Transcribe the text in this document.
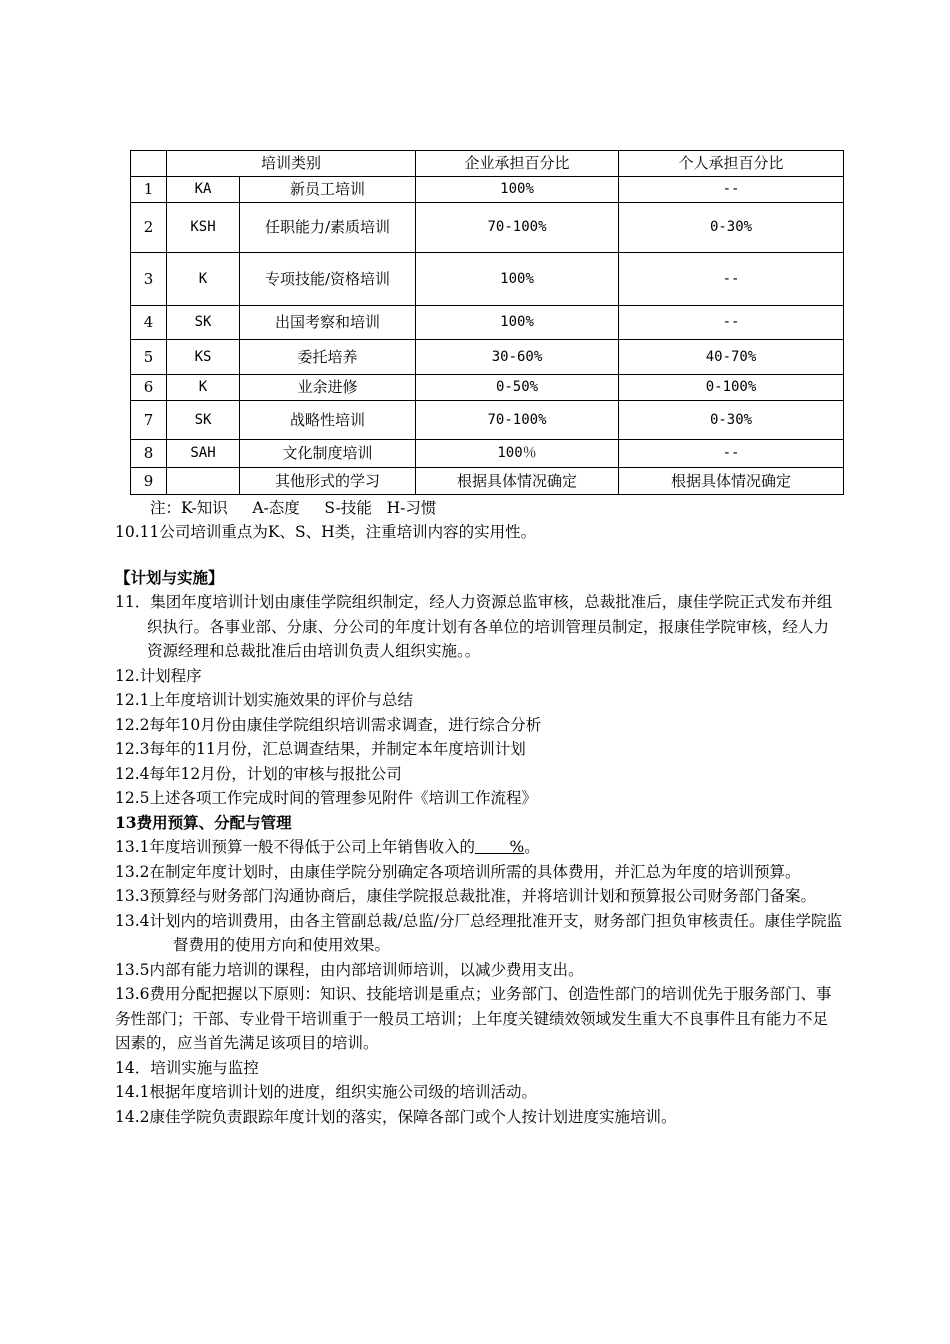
	培训类别		企业承担百分比	个人承担百分比
1	KA	新员工培训	100%	--
2	KSH	任职能力/素质培训	70-100%	0-30%
3	K	专项技能/资格培训	100%	--
4	SK	出国考察和培训	100%	--
5	KS	委托培养	30-60%	40-70%
6	K	业余进修	0-50%	0-100%
7	SK	战略性培训	70-100%	0-30%
8	SAH	文化制度培训	100％	--
9		其他形式的学习	根据具体情况确定	根据具体情况确定
注：K-知识     A-态度     S-技能   H-习惯

10.11公司培训重点为K、S、H类，注重培训内容的实用性。

【计划与实施】

11．集团年度培训计划由康佳学院组织制定，经人力资源总监审核，总裁批准后，康佳学院正式发布并组织执行。各事业部、分康、分公司的年度计划有各单位的培训管理员制定，报康佳学院审核，经人力资源经理和总裁批准后由培训负责人组织实施。。

12.计划程序

12.1上年度培训计划实施效果的评价与总结

12.2每年10月份由康佳学院组织培训需求调查，进行综合分析

12.3每年的11月份，汇总调查结果，并制定本年度培训计划

12.4每年12月份，计划的审核与报批公司

12.5上述各项工作完成时间的管理参见附件《培训工作流程》

13费用预算、分配与管理

13.1年度培训预算一般不得低于公司上年销售收入的       %。

13.2在制定年度计划时，由康佳学院分别确定各项培训所需的具体费用，并汇总为年度的培训预算。

13.3预算经与财务部门沟通协商后，康佳学院报总裁批准，并将培训计划和预算报公司财务部门备案。

13.4计划内的培训费用，由各主管副总裁/总监/分厂总经理批准开支，财务部门担负审核责任。康佳学院监督费用的使用方向和使用效果。

13.5内部有能力培训的课程，由内部培训师培训，以减少费用支出。

13.6费用分配把握以下原则：知识、技能培训是重点；业务部门、创造性部门的培训优先于服务部门、事务性部门；干部、专业骨干培训重于一般员工培训；上年度关键绩效领域发生重大不良事件且有能力不足因素的，应当首先满足该项目的培训。

14．培训实施与监控

14.1根据年度培训计划的进度，组织实施公司级的培训活动。

14.2康佳学院负责跟踪年度计划的落实，保障各部门或个人按计划进度实施培训。
